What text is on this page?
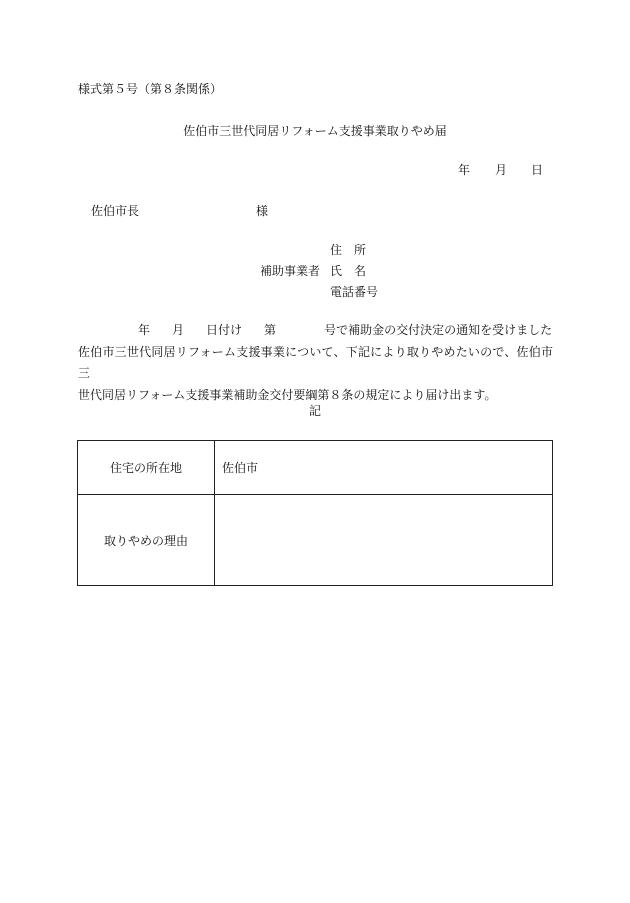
様式第５号（第８条関係）
佐伯市三世代同居リフォーム支援事業取りやめ届
年 月 日
佐伯市長	様
住　所
補助事業者 氏　名
電話番号
年 月 日付け 第	号で補助金の交付決定の通知を受けました
佐伯市三世代同居リフォーム支援事業について、下記により取りやめたいので、佐伯市三
世代同居リフォーム支援事業補助金交付要綱第８条の規定により届け出ます。
記
住宅の所在地	佐伯市
取りやめの理由	
